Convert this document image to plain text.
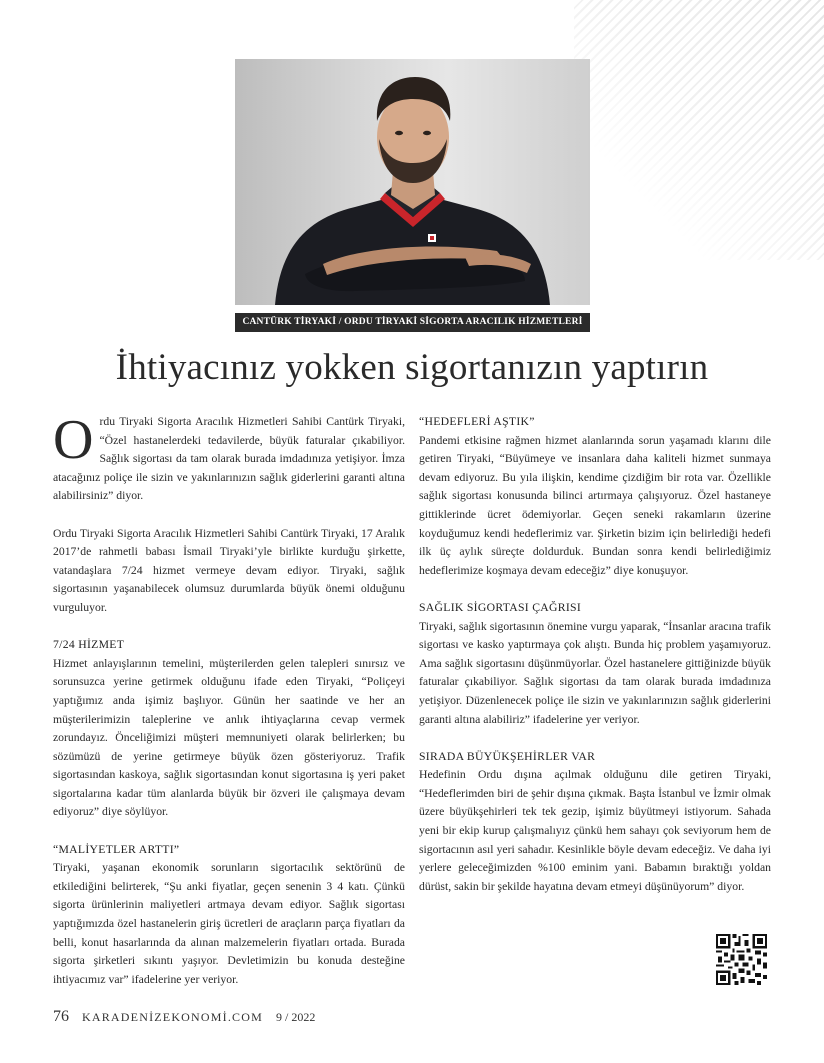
CANTÜRK TİRYAKİ / ORDU TİRYAKİ SİGORTA ARACILIK HİZMETLERİ
İhtiyacınız yokken sigortanızın yaptırın

Ordu Tiryaki Sigorta Aracılık Hizmetleri Sahibi Cantürk Tiryaki, “Özel hastanelerdeki tedavilerde, büyük faturalar çıkabiliyor. Sağlık sigortası da tam olarak burada imdadınıza yetişiyor. İmza atacağınız poliçe ile sizin ve yakınlarınızın sağlık giderlerini garanti altına alabilirsiniz” diyor.

Ordu Tiryaki Sigorta Aracılık Hizmetleri Sahibi Cantürk Tiryaki, 17 Aralık 2017’de rahmetli babası İsmail Tiryaki’yle birlikte kurduğu şirkette, vatandaşlara 7/24 hizmet vermeye devam ediyor. Tiryaki, sağlık sigortasının yaşanabilecek olumsuz durumlarda büyük önemi olduğunu vurguluyor.

7/24 HİZMET

Hizmet anlayışlarının temelini, müşterilerden gelen talepleri sınırsız ve sorunsuzca yerine getirmek olduğunu ifade eden Tiryaki, “Poliçeyi yaptığımız anda işimiz başlıyor. Günün her saatinde ve her an müşterilerimizin taleplerine ve anlık ihtiyaçlarına cevap vermek zorundayız. Önceliğimizi müşteri memnuniyeti olarak belirlerken; bu sözümüzü de yerine getirmeye büyük özen gösteriyoruz. Trafik sigortasından kaskoya, sağlık sigortasından konut sigortasına iş yeri paket sigortalarına kadar tüm alanlarda büyük bir özveri ile çalışmaya devam ediyoruz” diye söylüyor.

“MALİYETLER ARTTI”

Tiryaki, yaşanan ekonomik sorunların sigortacılık sektörünü de etkilediğini belirterek, “Şu anki fiyatlar, geçen senenin 3 4 katı. Çünkü sigorta ürünlerinin maliyetleri artmaya devam ediyor. Sağlık sigortası yaptığımızda özel hastanelerin giriş ücretleri de araçların parça fiyatları da belli, konut hasarlarında da alınan malzemelerin fiyatları ortada. Burada sigorta şirketleri sıkıntı yaşıyor. Devletimizin bu konuda desteğine ihtiyacımız var” ifadelerine yer veriyor.

“HEDEFLERİ AŞTIK”

Pandemi etkisine rağmen hizmet alanlarında sorun yaşamadı klarını dile getiren Tiryaki, “Büyümeye ve insanlara daha kaliteli hizmet sunmaya devam ediyoruz. Bu yıla ilişkin, kendime çizdiğim bir rota var. Özellikle sağlık sigortası konusunda bilinci artırmaya çalışıyoruz. Özel hastaneye gittiklerinde ücret ödemiyorlar. Geçen seneki rakamların üzerine koyduğumuz kendi hedeflerimiz var. Şirketin bizim için belirlediği hedefi ilk üç aylık süreçte doldurduk. Bundan sonra kendi belirlediğimiz hedeflerimize koşmaya devam edeceğiz” diye konuşuyor.

SAĞLIK SİGORTASI ÇAĞRISI

Tiryaki, sağlık sigortasının önemine vurgu yaparak, “İnsanlar aracına trafik sigortası ve kasko yaptırmaya çok alıştı. Bunda hiç problem yaşamıyoruz. Ama sağlık sigortasını düşünmüyorlar. Özel hastanelere gittiğinizde büyük faturalar çıkabiliyor. Sağlık sigortası da tam olarak burada imdadınıza yetişiyor. Düzenlenecek poliçe ile sizin ve yakınlarınızın sağlık giderlerini garanti altına alabiliriz” ifadelerine yer veriyor.

SIRADA BÜYÜKŞEHİRLER VAR

Hedefinin Ordu dışına açılmak olduğunu dile getiren Tiryaki, “Hedeflerimden biri de şehir dışına çıkmak. Başta İstanbul ve İzmir olmak üzere büyükşehirleri tek tek gezip, işimiz büyütmeyi istiyorum. Sahada yeni bir ekip kurup çalışmalıyız çünkü hem sahayı çok seviyorum hem de sigortacının asıl yeri sahadır. Kesinlikle böyle devam edeceğiz. Ve daha iyi yerlere geleceğimizden %100 eminim yani. Babamın bıraktığı yoldan dürüst, sakin bir şekilde hayatına devam etmeyi düşünüyorum” diyor.

76 KARADENİZEKONOMİ.COM 9 / 2022
